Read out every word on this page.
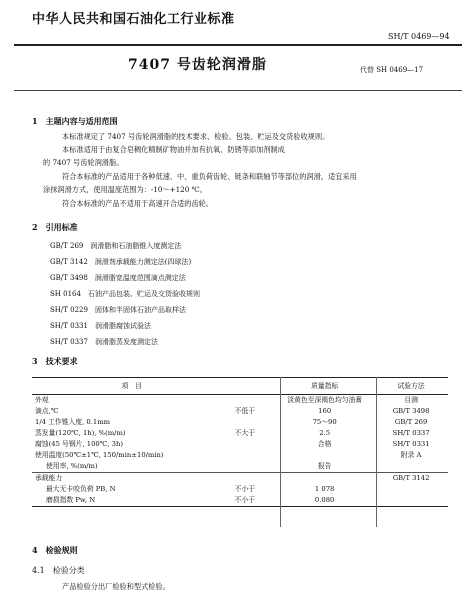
中华人民共和国石油化工行业标准
SH/T 0469—94
7407 号齿轮润滑脂	代替 SH 0469—17
1　主题内容与适用范围
本标准规定了 7407 号齿轮润滑脂的技术要求、检验、包装、贮运及交货验收规则。
本标准适用于由复合皂稠化精制矿物油并加有抗氧、防锈等添加剂制成
的 7407 号齿轮润滑脂。
符合本标准的产品适用于各种低速、中、重负荷齿轮、链条和联轴节等部位的润滑，适宜采用
涂抹润滑方式，使用温度范围为：-10～+120 ℃。
符合本标准的产品不适用于高速开合适的齿轮。
2　引用标准
GB/T 269　润滑脂和石油脂锥入度测定法
GB/T 3142　润滑剂承载能力测定法(四球法)
GB/T 3498　润滑脂宽温度范围滴点测定法
SH 0164　石油产品包装、贮运及交货验收规则
SH/T 0229　固体和半固体石油产品取样法
SH/T 0331　润滑脂腐蚀试验法
SH/T 0337　润滑脂蒸发度测定法
3　技术要求
项　目		质量指标	试验方法
外观		淡黄色至深褐色均匀油膏	目测
滴点,℃	不低于	160	GB/T 3498
1/4 工作锥入度, 0.1mm		75～90	GB/T 269
蒸发量(120℃, 1h), %(m/m)	不大于	2.5	SH/T 0337
腐蚀(45 号钢片, 100℃, 3h)		合格	SH/T 0331
使用温度(50℃±1℃, 150/min±10/min)			附录 A
使用率, %(m/m)		报告	
承载能力			GB/T 3142
最大无卡咬负荷 PB, N	不小于	1 078	
磨损指数 Pw, N	不小于	0.080	
4　检验规则
4.1　检验分类
产品检验分出厂检验和型式检验。
